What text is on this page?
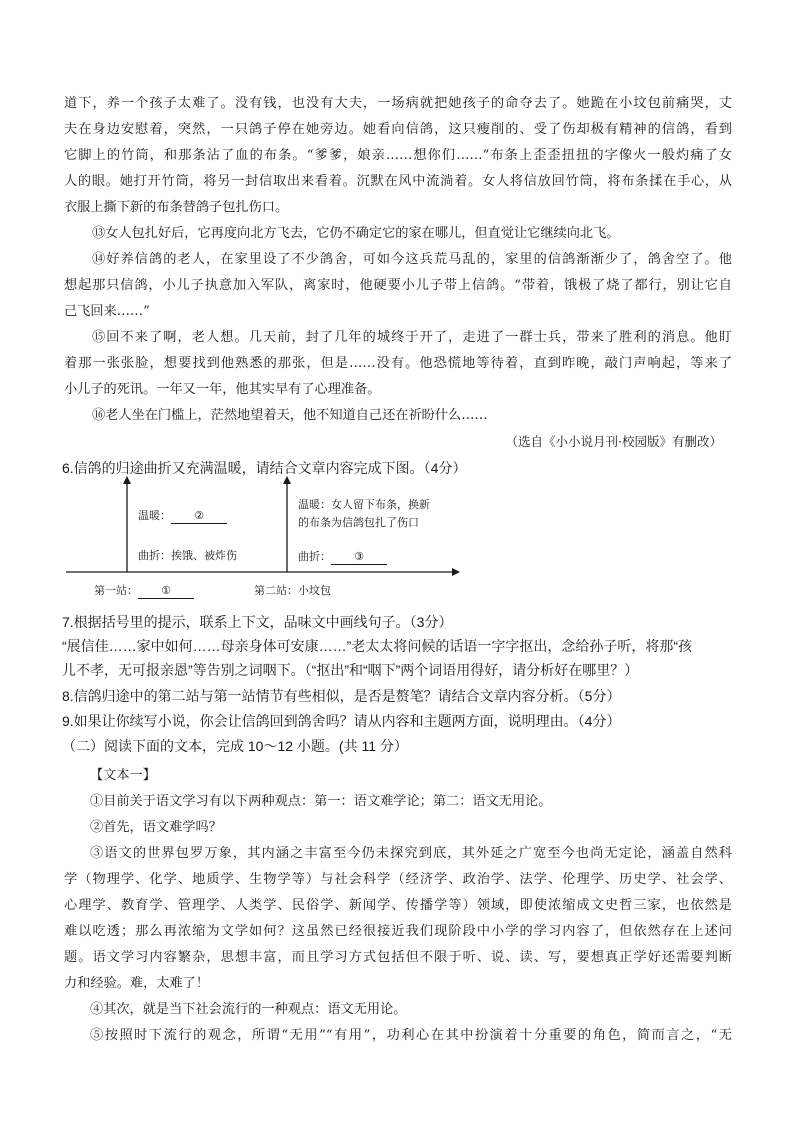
道下，养一个孩子太难了。没有钱，也没有大夫，一场病就把她孩子的命夺去了。她跪在小坟包前痛哭，丈
夫在身边安慰着，突然，一只鸽子停在她旁边。她看向信鸽，这只瘦削的、受了伤却极有精神的信鸽，看到
它脚上的竹筒，和那条沾了血的布条。“爹爹，娘亲……想你们……”布条上歪歪扭扭的字像火一般灼痛了女
人的眼。她打开竹筒，将另一封信取出来看着。沉默在风中流淌着。女人将信放回竹筒，将布条揉在手心，从
衣服上撕下新的布条替鸽子包扎伤口。
⑬女人包扎好后，它再度向北方飞去，它仍不确定它的家在哪儿，但直觉让它继续向北飞。
⑭好养信鸽的老人，在家里设了不少鸽舍，可如今这兵荒马乱的，家里的信鸽渐渐少了，鸽舍空了。他
想起那只信鸽，小儿子执意加入军队，离家时，他硬要小儿子带上信鸽。“带着，饿极了烧了都行，别让它自
己飞回来……”
⑮回不来了啊，老人想。几天前，封了几年的城终于开了，走进了一群士兵，带来了胜利的消息。他盯
着那一张张脸，想要找到他熟悉的那张，但是……没有。他恐慌地等待着，直到昨晚，敲门声响起，等来了
小儿子的死讯。一年又一年，他其实早有了心理准备。
⑯老人坐在门槛上，茫然地望着天，他不知道自己还在祈盼什么……
（选自《小小说月刊·校园版》有删改）
6.信鸽的归途曲折又充满温暖，请结合文章内容完成下图。（4分）
温暖： ②
曲折：挨饿、被炸伤
温暖：女人留下布条，换新
的布条为信鸽包扎了伤口
曲折： ③
第一站： ①	第二站：小坟包
7.根据括号里的提示，联系上下文，品味文中画线句子。（3分）
“展信佳……家中如何……母亲身体可安康……”老太太将问候的话语一字字抠出，念给孙子听，将那“孩
儿不孝，无可报亲恩”等告别之词咽下。（“抠出”和“咽下”两个词语用得好，请分析好在哪里？）
8.信鸽归途中的第二站与第一站情节有些相似，是否是赘笔？请结合文章内容分析。（5分）
9.如果让你续写小说，你会让信鸽回到鸽舍吗？请从内容和主题两方面，说明理由。（4分）
（二）阅读下面的文本，完成 10～12 小题。(共 11 分）
【文本一】
①目前关于语文学习有以下两种观点：第一：语文难学论；第二：语文无用论。
②首先，语文难学吗？
③语文的世界包罗万象，其内涵之丰富至今仍未探究到底，其外延之广宽至今也尚无定论，涵盖自然科
学（物理学、化学、地质学、生物学等）与社会科学（经济学、政治学、法学、伦理学、历史学、社会学、
心理学、教育学、管理学、人类学、民俗学、新闻学、传播学等）领域，即使浓缩成文史哲三家，也依然是
难以吃透；那么再浓缩为文学如何？这虽然已经很接近我们现阶段中小学的学习内容了，但依然存在上述问
题。语文学习内容繁杂，思想丰富，而且学习方式包括但不限于听、说、读、写，要想真正学好还需要判断
力和经验。难，太难了！
④其次，就是当下社会流行的一种观点：语文无用论。
⑤按照时下流行的观念，所谓“无用”“有用”，功利心在其中扮演着十分重要的角色，简而言之，“无
